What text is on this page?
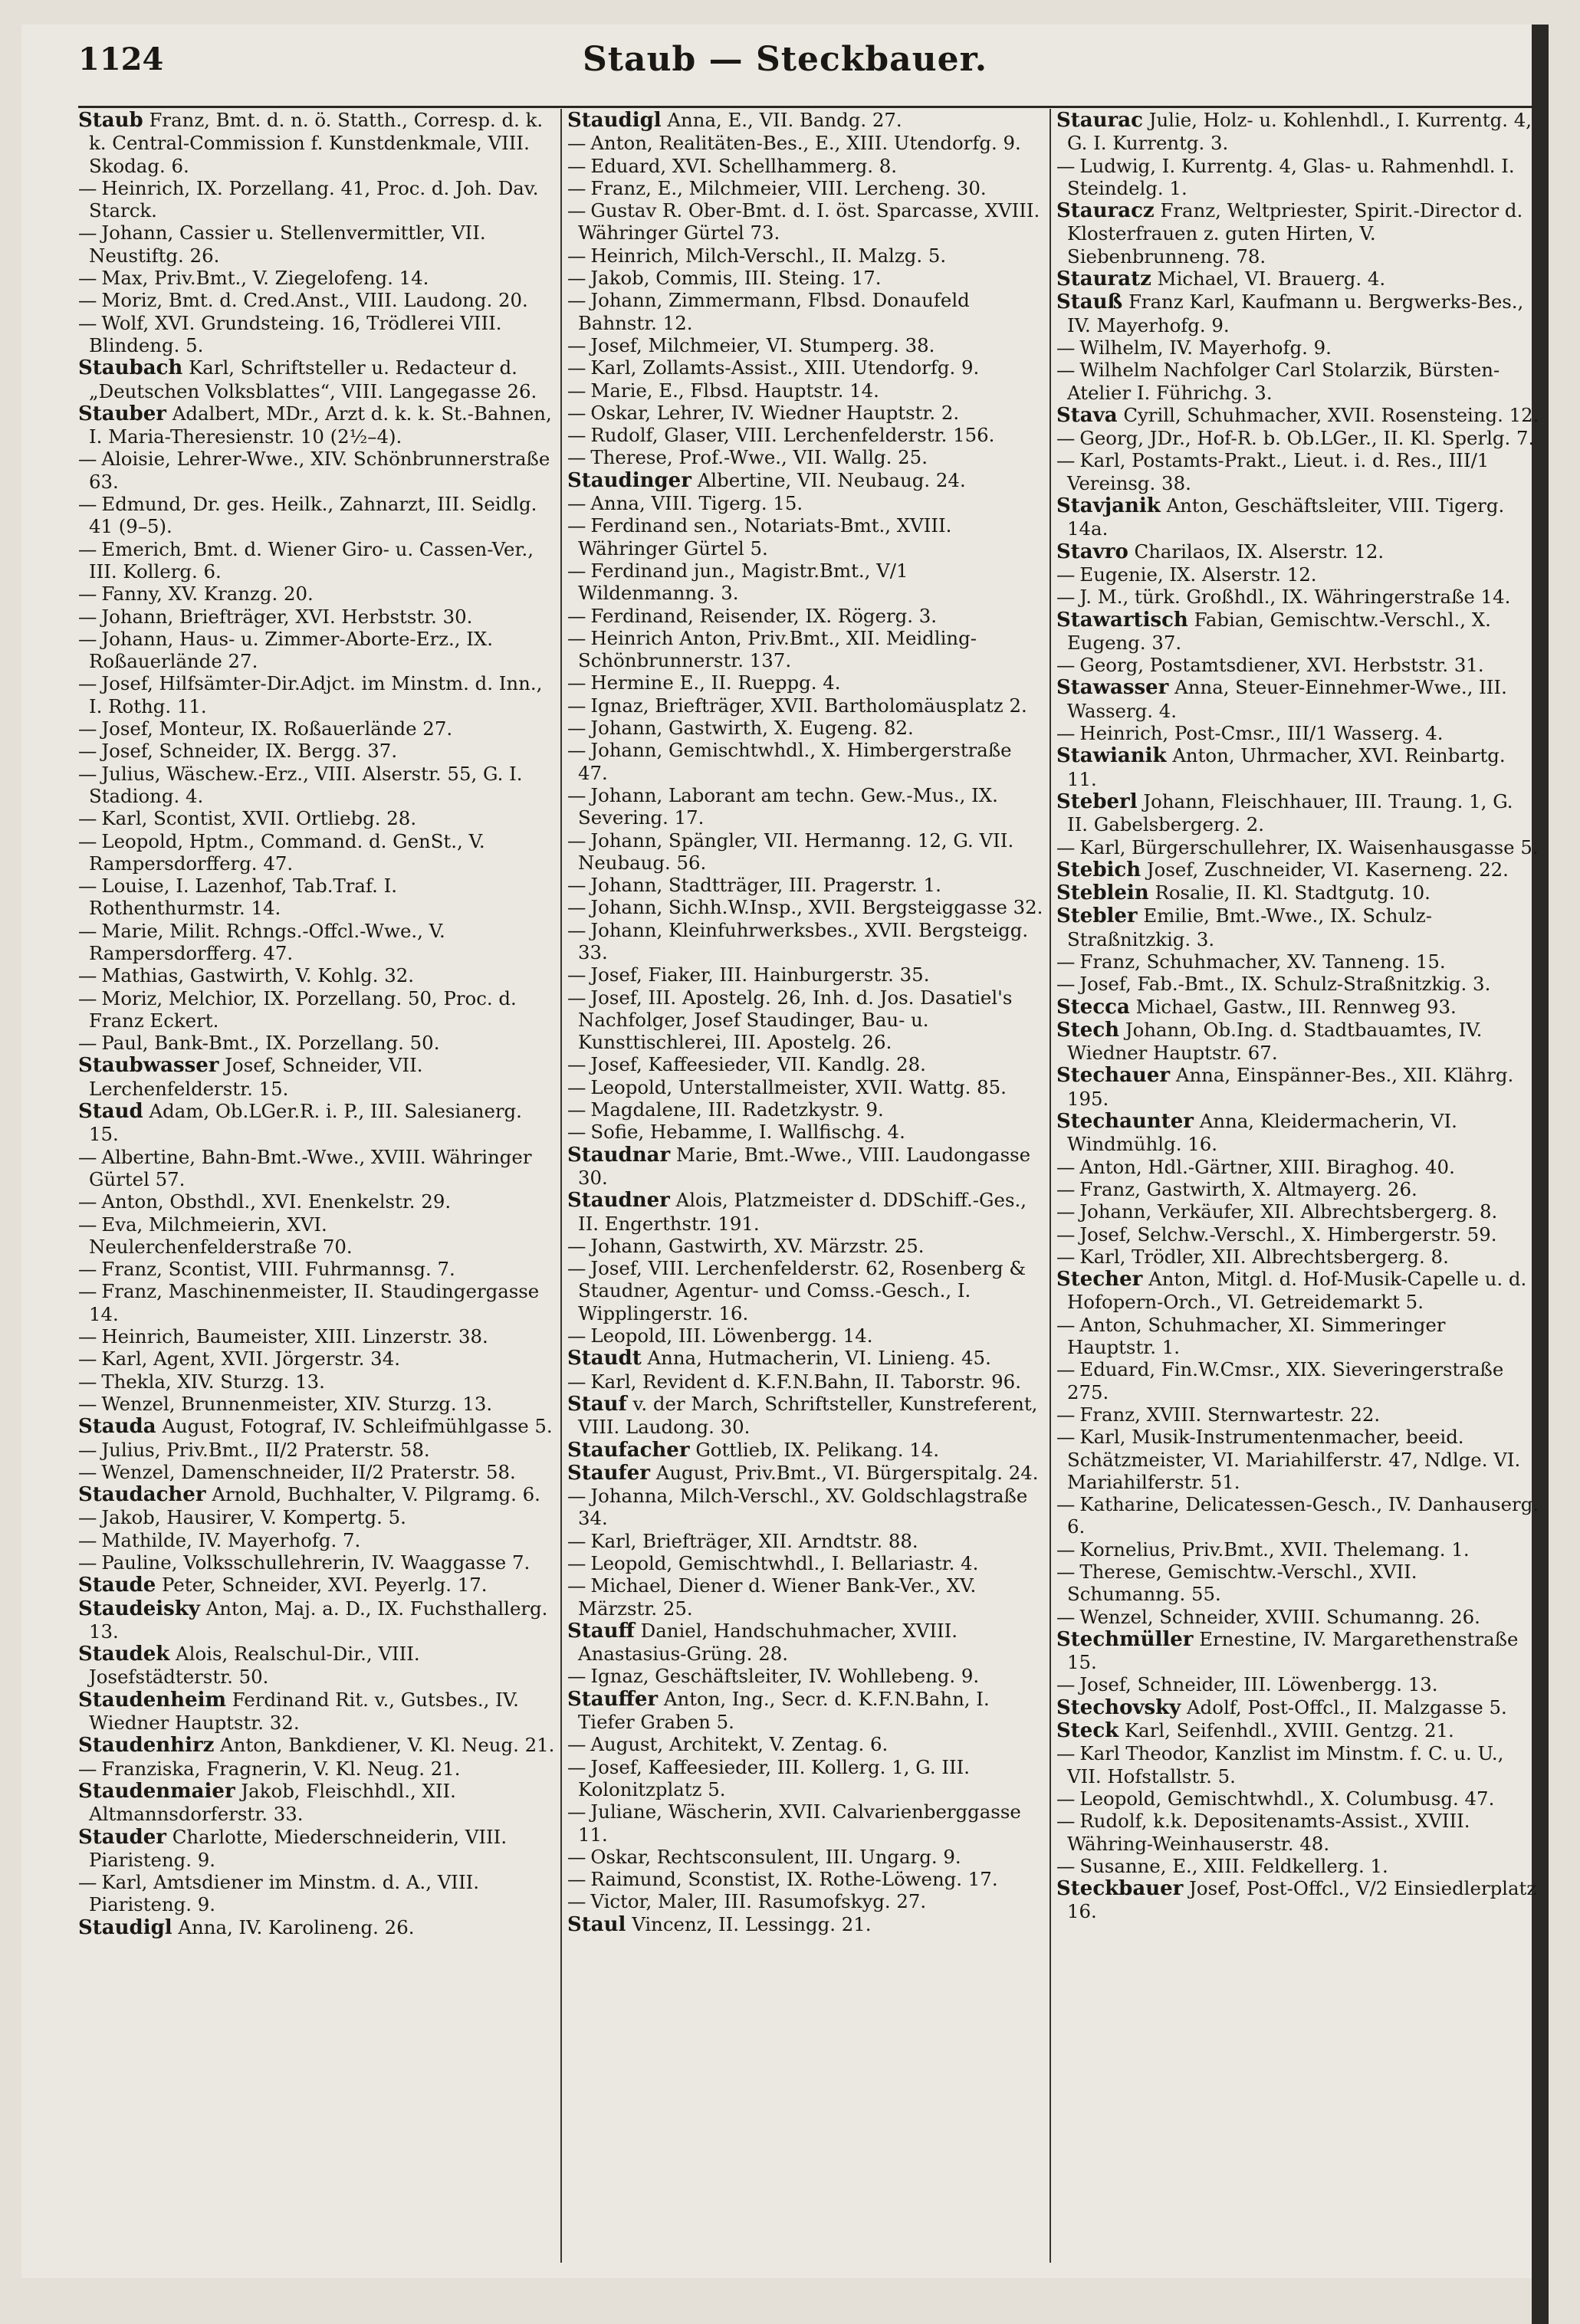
1124	Staub — Steckbauer.
Staub Franz, Bmt. d. n. ö. Statth., Corresp. d. k. k. Central-Commission f. Kunstdenkmale, VIII. Skodag. 6.
— Heinrich, IX. Porzellang. 41, Proc. d. Joh. Dav. Starck.
— Johann, Cassier u. Stellenvermittler, VII. Neustiftg. 26.
— Max, Priv.Bmt., V. Ziegelofeng. 14.
— Moriz, Bmt. d. Cred.Anst., VIII. Laudong. 20.
— Wolf, XVI. Grundsteing. 16, Trödlerei VIII. Blindeng. 5.
Staubach Karl, Schriftsteller u. Redacteur d. „Deutschen Volksblattes“, VIII. Langegasse 26.
Stauber Adalbert, MDr., Arzt d. k. k. St.-Bahnen, I. Maria-Theresienstr. 10 (2½–4).
— Aloisie, Lehrer-Wwe., XIV. Schönbrunnerstraße 63.
— Edmund, Dr. ges. Heilk., Zahnarzt, III. Seidlg. 41 (9–5).
— Emerich, Bmt. d. Wiener Giro- u. Cassen-Ver., III. Kollerg. 6.
— Fanny, XV. Kranzg. 20.
— Johann, Briefträger, XVI. Herbststr. 30.
— Johann, Haus- u. Zimmer-Aborte-Erz., IX. Roßauerlände 27.
— Josef, Hilfsämter-Dir.Adjct. im Minstm. d. Inn., I. Rothg. 11.
— Josef, Monteur, IX. Roßauerlände 27.
— Josef, Schneider, IX. Bergg. 37.
— Julius, Wäschew.-Erz., VIII. Alserstr. 55, G. I. Stadiong. 4.
— Karl, Scontist, XVII. Ortliebg. 28.
— Leopold, Hptm., Command. d. GenSt., V. Rampersdorfferg. 47.
— Louise, I. Lazenhof, Tab.Traf. I. Rothenthurmstr. 14.
— Marie, Milit. Rchngs.-Offcl.-Wwe., V. Rampersdorfferg. 47.
— Mathias, Gastwirth, V. Kohlg. 32.
— Moriz, Melchior, IX. Porzellang. 50, Proc. d. Franz Eckert.
— Paul, Bank-Bmt., IX. Porzellang. 50.
Staubwasser Josef, Schneider, VII. Lerchenfelderstr. 15.
Staud Adam, Ob.LGer.R. i. P., III. Salesianerg. 15.
— Albertine, Bahn-Bmt.-Wwe., XVIII. Währinger Gürtel 57.
— Anton, Obsthdl., XVI. Enenkelstr. 29.
— Eva, Milchmeierin, XVI. Neulerchenfelderstraße 70.
— Franz, Scontist, VIII. Fuhrmannsg. 7.
— Franz, Maschinenmeister, II. Staudingergasse 14.
— Heinrich, Baumeister, XIII. Linzerstr. 38.
— Karl, Agent, XVII. Jörgerstr. 34.
— Thekla, XIV. Sturzg. 13.
— Wenzel, Brunnenmeister, XIV. Sturzg. 13.
Stauda August, Fotograf, IV. Schleifmühlgasse 5.
— Julius, Priv.Bmt., II/2 Praterstr. 58.
— Wenzel, Damenschneider, II/2 Praterstr. 58.
Staudacher Arnold, Buchhalter, V. Pilgramg. 6.
— Jakob, Hausirer, V. Kompertg. 5.
— Mathilde, IV. Mayerhofg. 7.
— Pauline, Volksschullehrerin, IV. Waaggasse 7.
Staude Peter, Schneider, XVI. Peyerlg. 17.
Staudeisky Anton, Maj. a. D., IX. Fuchsthallerg. 13.
Staudek Alois, Realschul-Dir., VIII. Josefstädterstr. 50.
Staudenheim Ferdinand Rit. v., Gutsbes., IV. Wiedner Hauptstr. 32.
Staudenhirz Anton, Bankdiener, V. Kl. Neug. 21.
— Franziska, Fragnerin, V. Kl. Neug. 21.
Staudenmaier Jakob, Fleischhdl., XII. Altmannsdorferstr. 33.
Stauder Charlotte, Miederschneiderin, VIII. Piaristeng. 9.
— Karl, Amtsdiener im Minstm. d. A., VIII. Piaristeng. 9.
Staudigl Anna, IV. Karolineng. 26.
Staudigl Anna, E., VII. Bandg. 27.
— Anton, Realitäten-Bes., E., XIII. Utendorfg. 9.
— Eduard, XVI. Schellhammerg. 8.
— Franz, E., Milchmeier, VIII. Lercheng. 30.
— Gustav R. Ober-Bmt. d. I. öst. Sparcasse, XVIII. Währinger Gürtel 73.
— Heinrich, Milch-Verschl., II. Malzg. 5.
— Jakob, Commis, III. Steing. 17.
— Johann, Zimmermann, Flbsd. Donaufeld Bahnstr. 12.
— Josef, Milchmeier, VI. Stumperg. 38.
— Karl, Zollamts-Assist., XIII. Utendorfg. 9.
— Marie, E., Flbsd. Hauptstr. 14.
— Oskar, Lehrer, IV. Wiedner Hauptstr. 2.
— Rudolf, Glaser, VIII. Lerchenfelderstr. 156.
— Therese, Prof.-Wwe., VII. Wallg. 25.
Staudinger Albertine, VII. Neubaug. 24.
— Anna, VIII. Tigerg. 15.
— Ferdinand sen., Notariats-Bmt., XVIII. Währinger Gürtel 5.
— Ferdinand jun., Magistr.Bmt., V/1 Wildenmanng. 3.
— Ferdinand, Reisender, IX. Rögerg. 3.
— Heinrich Anton, Priv.Bmt., XII. Meidling-Schönbrunnerstr. 137.
— Hermine E., II. Rueppg. 4.
— Ignaz, Briefträger, XVII. Bartholomäusplatz 2.
— Johann, Gastwirth, X. Eugeng. 82.
— Johann, Gemischtwhdl., X. Himbergerstraße 47.
— Johann, Laborant am techn. Gew.-Mus., IX. Severing. 17.
— Johann, Spängler, VII. Hermanng. 12, G. VII. Neubaug. 56.
— Johann, Stadtträger, III. Pragerstr. 1.
— Johann, Sichh.W.Insp., XVII. Bergsteiggasse 32.
— Johann, Kleinfuhrwerksbes., XVII. Bergsteigg. 33.
— Josef, Fiaker, III. Hainburgerstr. 35.
— Josef, III. Apostelg. 26, Inh. d. Jos. Dasatiel's Nachfolger, Josef Staudinger, Bau- u. Kunsttischlerei, III. Apostelg. 26.
— Josef, Kaffeesieder, VII. Kandlg. 28.
— Leopold, Unterstallmeister, XVII. Wattg. 85.
— Magdalene, III. Radetzkystr. 9.
— Sofie, Hebamme, I. Wallfischg. 4.
Staudnar Marie, Bmt.-Wwe., VIII. Laudongasse 30.
Staudner Alois, Platzmeister d. DDSchiff.-Ges., II. Engerthstr. 191.
— Johann, Gastwirth, XV. Märzstr. 25.
— Josef, VIII. Lerchenfelderstr. 62, Rosenberg & Staudner, Agentur- und Comss.-Gesch., I. Wipplingerstr. 16.
— Leopold, III. Löwenbergg. 14.
Staudt Anna, Hutmacherin, VI. Linieng. 45.
— Karl, Revident d. K.F.N.Bahn, II. Taborstr. 96.
Stauf v. der March, Schriftsteller, Kunstreferent, VIII. Laudong. 30.
Staufacher Gottlieb, IX. Pelikang. 14.
Staufer August, Priv.Bmt., VI. Bürgerspitalg. 24.
— Johanna, Milch-Verschl., XV. Goldschlagstraße 34.
— Karl, Briefträger, XII. Arndtstr. 88.
— Leopold, Gemischtwhdl., I. Bellariastr. 4.
— Michael, Diener d. Wiener Bank-Ver., XV. Märzstr. 25.
Stauff Daniel, Handschuhmacher, XVIII. Anastasius-Grüng. 28.
— Ignaz, Geschäftsleiter, IV. Wohllebeng. 9.
Stauffer Anton, Ing., Secr. d. K.F.N.Bahn, I. Tiefer Graben 5.
— August, Architekt, V. Zentag. 6.
— Josef, Kaffeesieder, III. Kollerg. 1, G. III. Kolonitzplatz 5.
— Juliane, Wäscherin, XVII. Calvarienberggasse 11.
— Oskar, Rechtsconsulent, III. Ungarg. 9.
— Raimund, Sconstist, IX. Rothe-Löweng. 17.
— Victor, Maler, III. Rasumofskyg. 27.
Staul Vincenz, II. Lessingg. 21.
Staurac Julie, Holz- u. Kohlenhdl., I. Kurrentg. 4, G. I. Kurrentg. 3.
— Ludwig, I. Kurrentg. 4, Glas- u. Rahmenhdl. I. Steindelg. 1.
Stauracz Franz, Weltpriester, Spirit.-Director d. Klosterfrauen z. guten Hirten, V. Siebenbrunneng. 78.
Stauratz Michael, VI. Brauerg. 4.
Stauß Franz Karl, Kaufmann u. Bergwerks-Bes., IV. Mayerhofg. 9.
— Wilhelm, IV. Mayerhofg. 9.
— Wilhelm Nachfolger Carl Stolarzik, Bürsten-Atelier I. Führichg. 3.
Stava Cyrill, Schuhmacher, XVII. Rosensteing. 12.
— Georg, JDr., Hof-R. b. Ob.LGer., II. Kl. Sperlg. 7.
— Karl, Postamts-Prakt., Lieut. i. d. Res., III/1 Vereinsg. 38.
Stavjanik Anton, Geschäftsleiter, VIII. Tigerg. 14a.
Stavro Charilaos, IX. Alserstr. 12.
— Eugenie, IX. Alserstr. 12.
— J. M., türk. Großhdl., IX. Währingerstraße 14.
Stawartisch Fabian, Gemischtw.-Verschl., X. Eugeng. 37.
— Georg, Postamtsdiener, XVI. Herbststr. 31.
Stawasser Anna, Steuer-Einnehmer-Wwe., III. Wasserg. 4.
— Heinrich, Post-Cmsr., III/1 Wasserg. 4.
Stawianik Anton, Uhrmacher, XVI. Reinbartg. 11.
Steberl Johann, Fleischhauer, III. Traung. 1, G. II. Gabelsbergerg. 2.
— Karl, Bürgerschullehrer, IX. Waisenhausgasse 5.
Stebich Josef, Zuschneider, VI. Kaserneng. 22.
Steblein Rosalie, II. Kl. Stadtgutg. 10.
Stebler Emilie, Bmt.-Wwe., IX. Schulz-Straßnitzkig. 3.
— Franz, Schuhmacher, XV. Tanneng. 15.
— Josef, Fab.-Bmt., IX. Schulz-Straßnitzkig. 3.
Stecca Michael, Gastw., III. Rennweg 93.
Stech Johann, Ob.Ing. d. Stadtbauamtes, IV. Wiedner Hauptstr. 67.
Stechauer Anna, Einspänner-Bes., XII. Klährg. 195.
Stechaunter Anna, Kleidermacherin, VI. Windmühlg. 16.
— Anton, Hdl.-Gärtner, XIII. Biraghog. 40.
— Franz, Gastwirth, X. Altmayerg. 26.
— Johann, Verkäufer, XII. Albrechtsbergerg. 8.
— Josef, Selchw.-Verschl., X. Himbergerstr. 59.
— Karl, Trödler, XII. Albrechtsbergerg. 8.
Stecher Anton, Mitgl. d. Hof-Musik-Capelle u. d. Hofopern-Orch., VI. Getreidemarkt 5.
— Anton, Schuhmacher, XI. Simmeringer Hauptstr. 1.
— Eduard, Fin.W.Cmsr., XIX. Sieveringerstraße 275.
— Franz, XVIII. Sternwartestr. 22.
— Karl, Musik-Instrumentenmacher, beeid. Schätzmeister, VI. Mariahilferstr. 47, Ndlge. VI. Mariahilferstr. 51.
— Katharine, Delicatessen-Gesch., IV. Danhauserg. 6.
— Kornelius, Priv.Bmt., XVII. Thelemang. 1.
— Therese, Gemischtw.-Verschl., XVII. Schumanng. 55.
— Wenzel, Schneider, XVIII. Schumanng. 26.
Stechmüller Ernestine, IV. Margarethenstraße 15.
— Josef, Schneider, III. Löwenbergg. 13.
Stechovsky Adolf, Post-Offcl., II. Malzgasse 5.
Steck Karl, Seifenhdl., XVIII. Gentzg. 21.
— Karl Theodor, Kanzlist im Minstm. f. C. u. U., VII. Hofstallstr. 5.
— Leopold, Gemischtwhdl., X. Columbusg. 47.
— Rudolf, k.k. Depositenamts-Assist., XVIII. Währing-Weinhauserstr. 48.
— Susanne, E., XIII. Feldkellerg. 1.
Steckbauer Josef, Post-Offcl., V/2 Einsiedlerplatz 16.
